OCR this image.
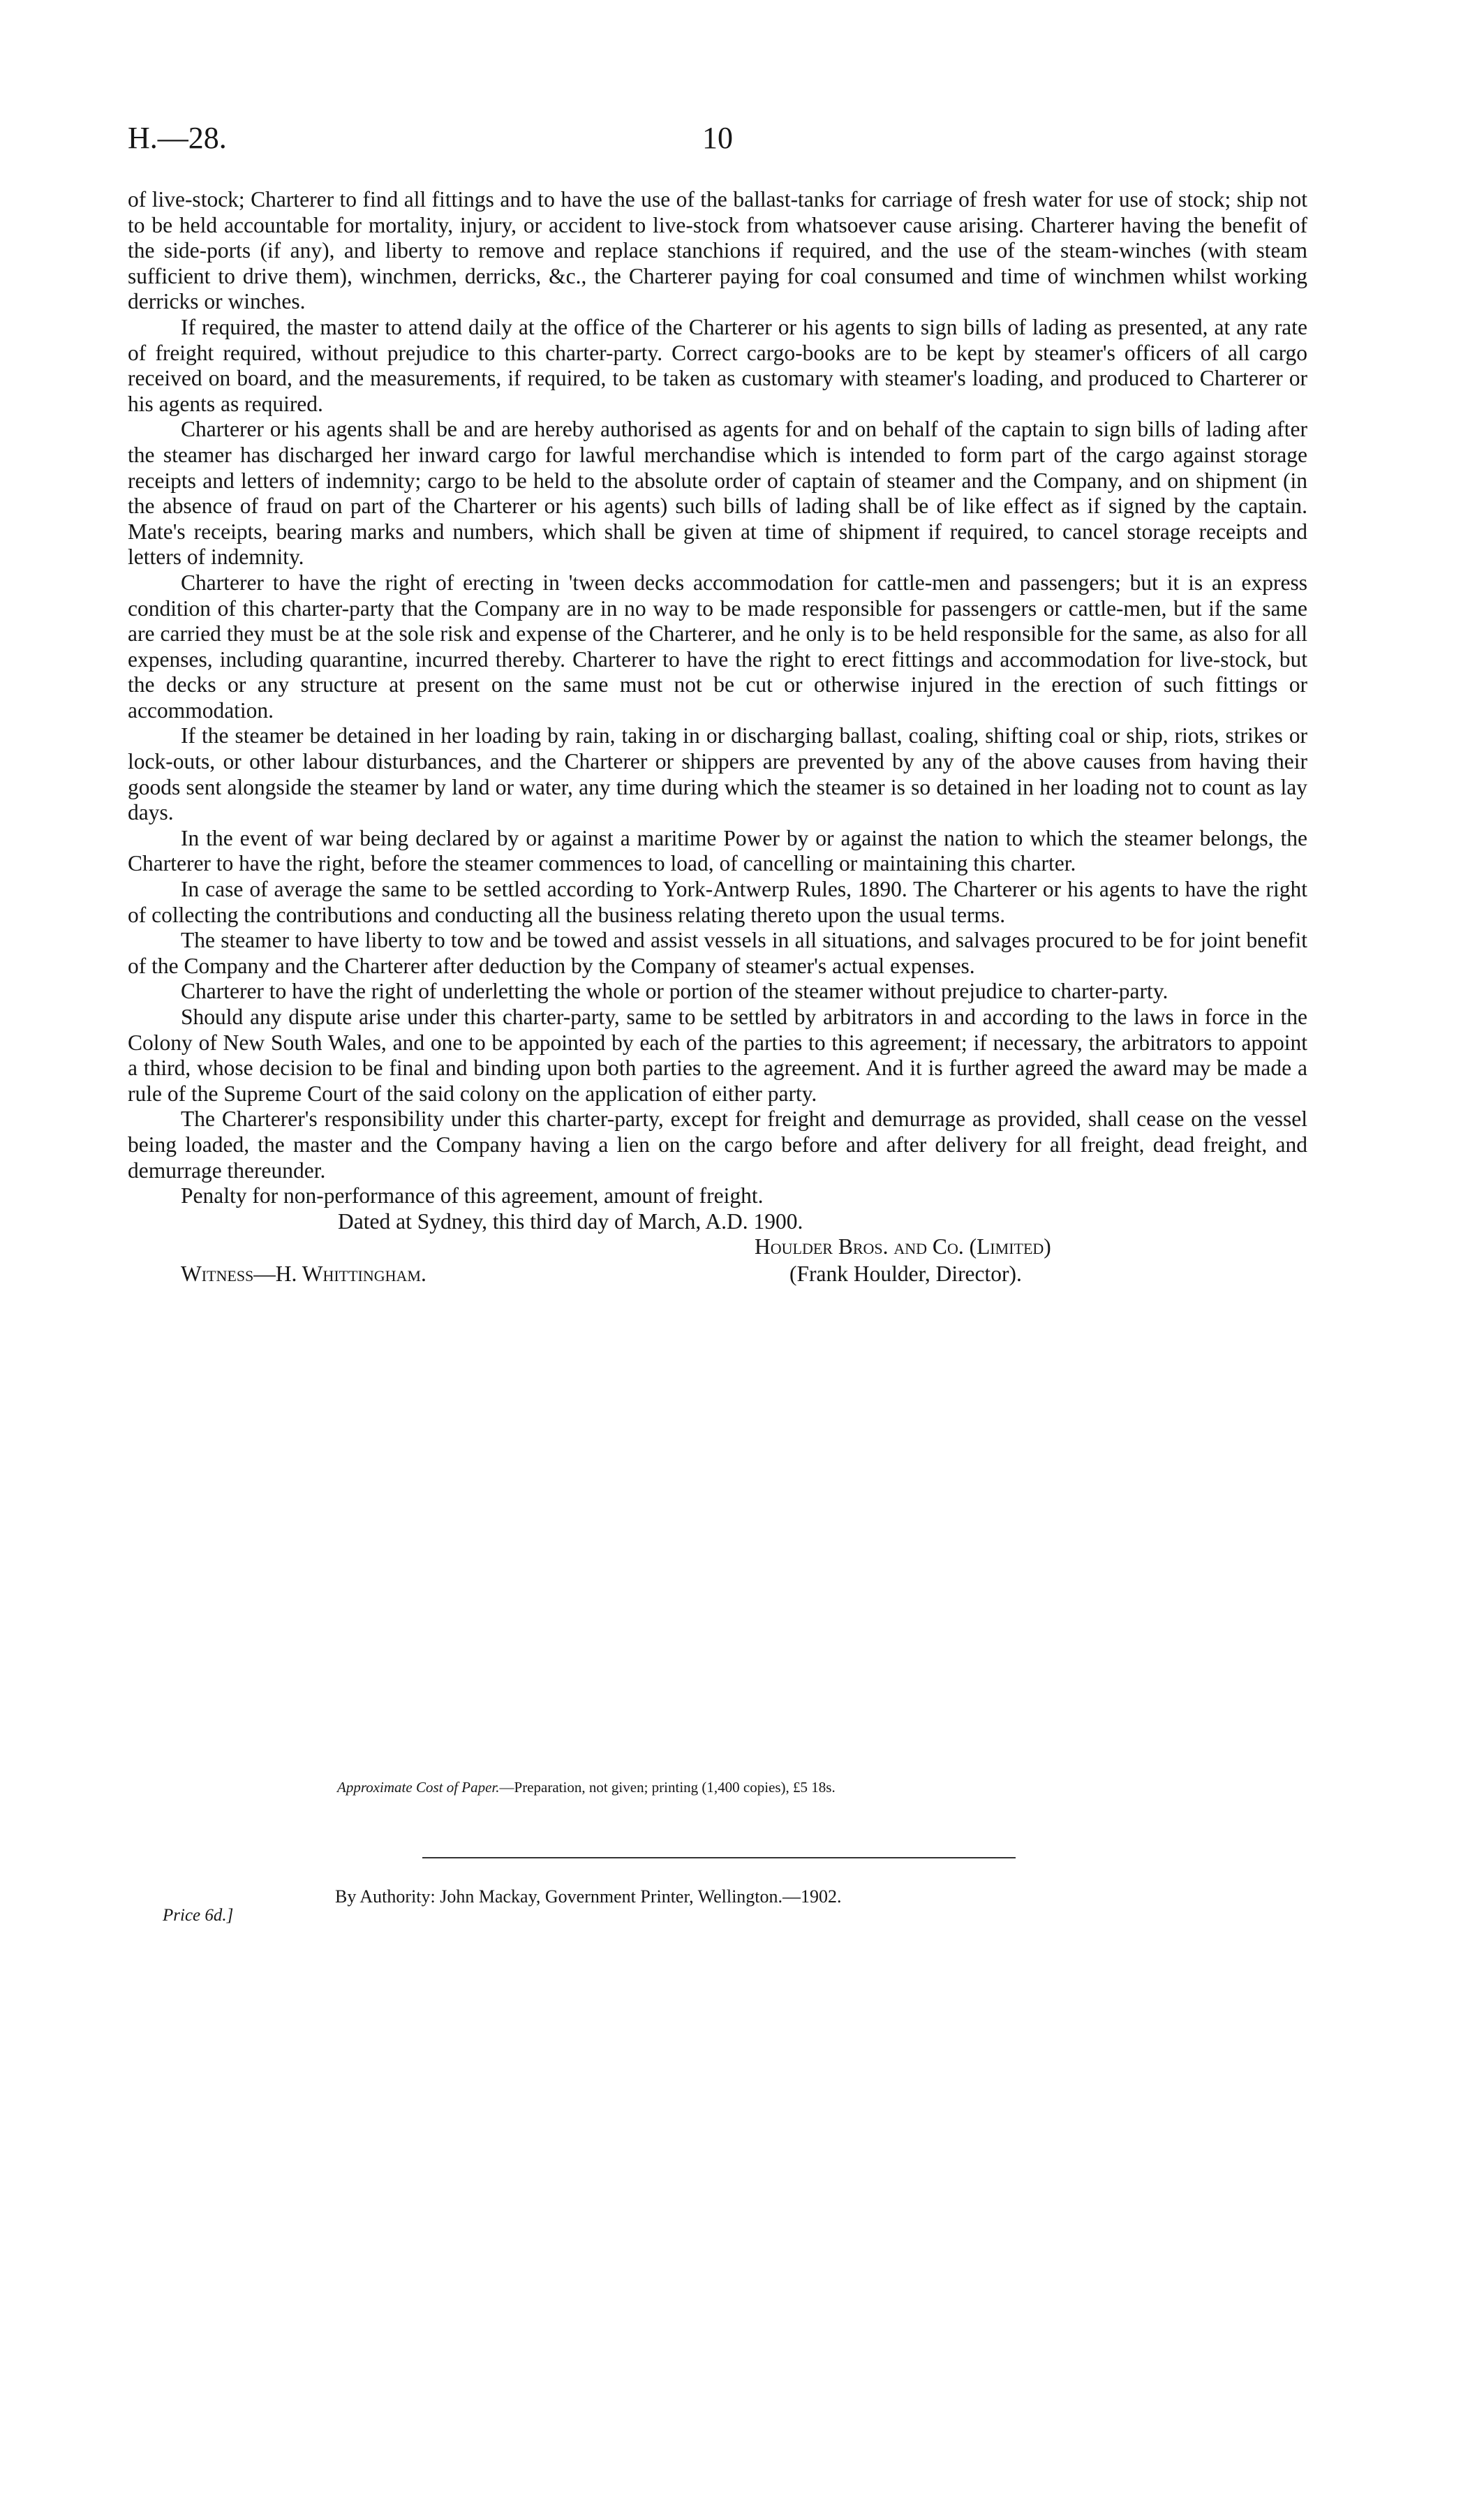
H.—28.	10

of live-stock; Charterer to find all fittings and to have the use of the ballast-tanks for carriage of fresh water for use of stock; ship not to be held accountable for mortality, injury, or accident to live-stock from whatsoever cause arising. Charterer having the benefit of the side-ports (if any), and liberty to remove and replace stanchions if required, and the use of the steam-winches (with steam sufficient to drive them), winchmen, derricks, &c., the Charterer paying for coal consumed and time of winchmen whilst working derricks or winches.

If required, the master to attend daily at the office of the Charterer or his agents to sign bills of lading as presented, at any rate of freight required, without prejudice to this charter-party. Correct cargo-books are to be kept by steamer's officers of all cargo received on board, and the measurements, if required, to be taken as customary with steamer's loading, and produced to Charterer or his agents as required.

Charterer or his agents shall be and are hereby authorised as agents for and on behalf of the captain to sign bills of lading after the steamer has discharged her inward cargo for lawful merchandise which is intended to form part of the cargo against storage receipts and letters of indemnity; cargo to be held to the absolute order of captain of steamer and the Company, and on shipment (in the absence of fraud on part of the Charterer or his agents) such bills of lading shall be of like effect as if signed by the captain. Mate's receipts, bearing marks and numbers, which shall be given at time of shipment if required, to cancel storage receipts and letters of indemnity.

Charterer to have the right of erecting in 'tween decks accommodation for cattle-men and passengers; but it is an express condition of this charter-party that the Company are in no way to be made responsible for passengers or cattle-men, but if the same are carried they must be at the sole risk and expense of the Charterer, and he only is to be held responsible for the same, as also for all expenses, including quarantine, incurred thereby. Charterer to have the right to erect fittings and accommodation for live-stock, but the decks or any structure at present on the same must not be cut or otherwise injured in the erection of such fittings or accommodation.

If the steamer be detained in her loading by rain, taking in or discharging ballast, coaling, shifting coal or ship, riots, strikes or lock-outs, or other labour disturbances, and the Charterer or shippers are prevented by any of the above causes from having their goods sent alongside the steamer by land or water, any time during which the steamer is so detained in her loading not to count as lay days.

In the event of war being declared by or against a maritime Power by or against the nation to which the steamer belongs, the Charterer to have the right, before the steamer commences to load, of cancelling or maintaining this charter.

In case of average the same to be settled according to York-Antwerp Rules, 1890. The Charterer or his agents to have the right of collecting the contributions and conducting all the business relating thereto upon the usual terms.

The steamer to have liberty to tow and be towed and assist vessels in all situations, and salvages procured to be for joint benefit of the Company and the Charterer after deduction by the Company of steamer's actual expenses.

Charterer to have the right of underletting the whole or portion of the steamer without prejudice to charter-party.

Should any dispute arise under this charter-party, same to be settled by arbitrators in and according to the laws in force in the Colony of New South Wales, and one to be appointed by each of the parties to this agreement; if necessary, the arbitrators to appoint a third, whose decision to be final and binding upon both parties to the agreement. And it is further agreed the award may be made a rule of the Supreme Court of the said colony on the application of either party.

The Charterer's responsibility under this charter-party, except for freight and demurrage as provided, shall cease on the vessel being loaded, the master and the Company having a lien on the cargo before and after delivery for all freight, dead freight, and demurrage thereunder.

Penalty for non-performance of this agreement, amount of freight.

Dated at Sydney, this third day of March, A.D. 1900.

Houlder Bros. and Co. (Limited)
Witness—H. Whittingham.	(Frank Houlder, Director).
Approximate Cost of Paper.—Preparation, not given; printing (1,400 copies), £5 18s.
By Authority: John Mackay, Government Printer, Wellington.—1902.
Price 6d.]
